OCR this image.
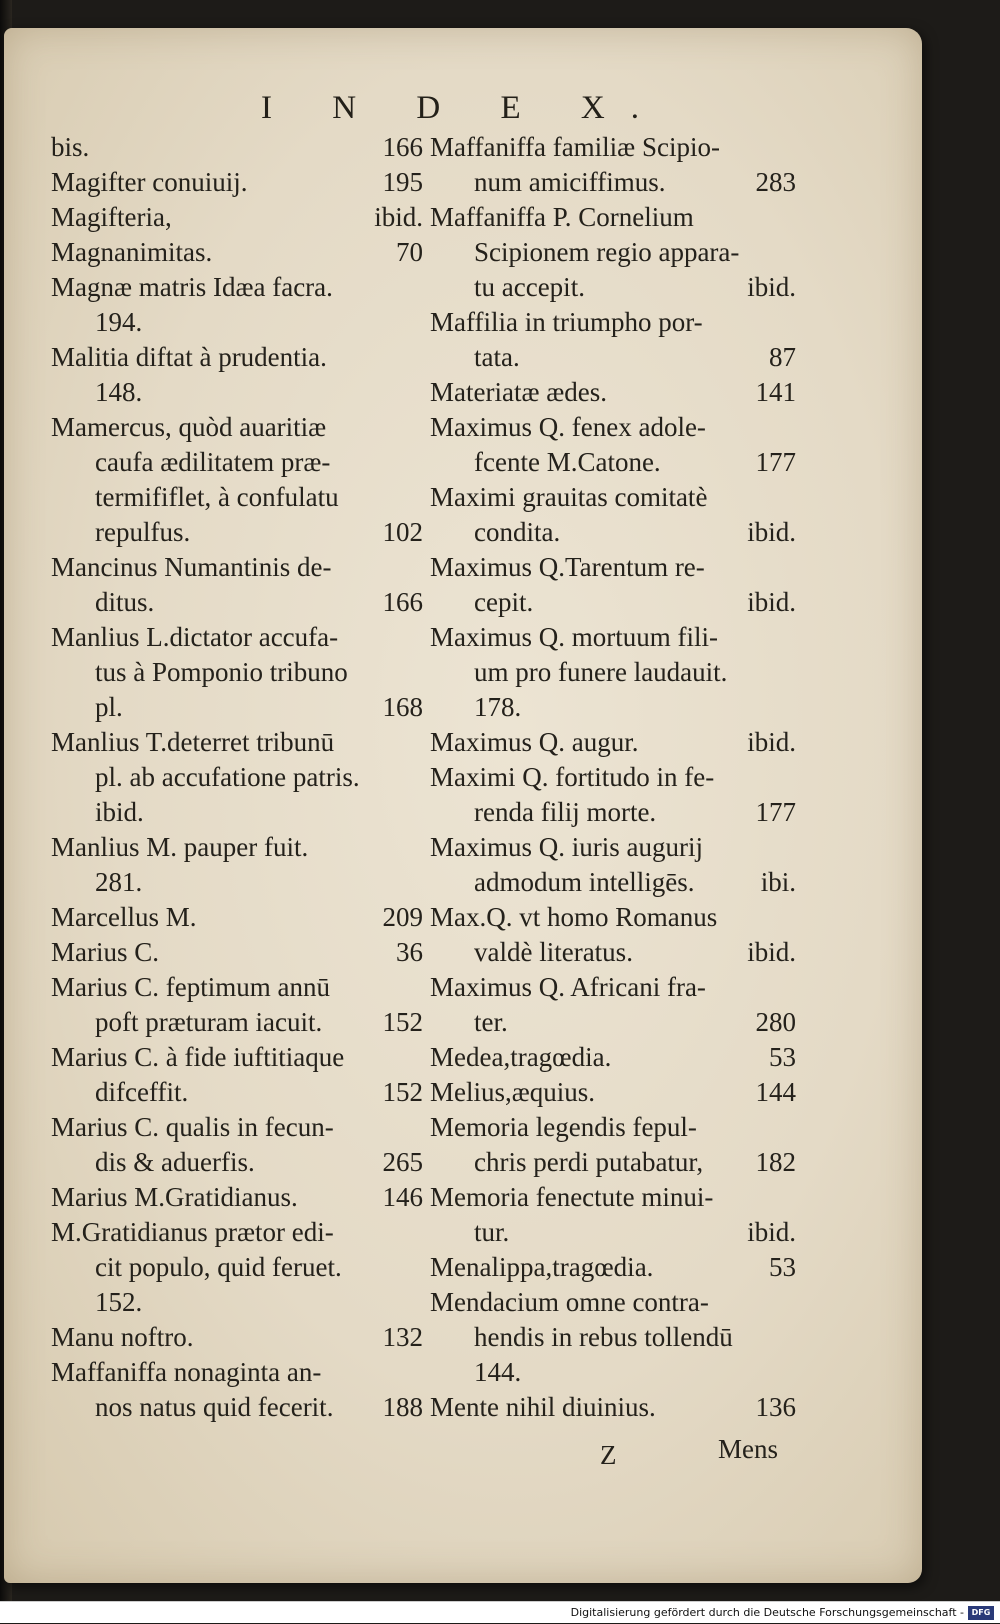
I N D E X.
bis.	166
Magifter conuiuij.	195
Magifteria,	ibid.
Magnanimitas.	70
Magnæ matris Idæa facra.
194.
Malitia diftat à prudentia.
148.
Mamercus, quòd auaritiæ
caufa ædilitatem præ-
termififlet, à confulatu
repulfus.	102
Mancinus Numantinis de-
ditus.	166
Manlius L.dictator accufa-
tus à Pomponio tribuno
pl.	168
Manlius T.deterret tribunū
pl. ab accufatione patris.
ibid.
Manlius M. pauper fuit.
281.
Marcellus M.	209
Marius C.	36
Marius C. feptimum annū
poft præturam iacuit. 152
Marius C. à fide iuftitiaque
difceffit.	152
Marius C. qualis in fecun-
dis & aduerfis.	265
Marius M.Gratidianus.	146
M.Gratidianus prætor edi-
cit populo, quid feruet.
152.
Manu noftro.	132
Maffaniffa nonaginta an-
nos natus quid fecerit. 188
Maffaniffa familiæ Scipio-
num amiciffimus.	283
Maffaniffa P. Cornelium
Scipionem regio appara-
tu accepit.	ibid.
Maffilia in triumpho por-
tata.	87
Materiatæ ædes.	141
Maximus Q. fenex adole-
fcente M.Catone.	177
Maximi grauitas comitatè
condita.	ibid.
Maximus Q.Tarentum re-
cepit.	ibid.
Maximus Q. mortuum fili-
um pro funere laudauit.
178.
Maximus Q. augur.	ibid.
Maximi Q. fortitudo in fe-
renda filij morte.	177
Maximus Q. iuris augurij
admodum intelligēs. ibi.
Max.Q. vt homo Romanus
valdè literatus.	ibid.
Maximus Q. Africani fra-
ter.	280
Medea,tragœdia.	53
Melius,æquius.	144
Memoria legendis fepul-
chris perdi putabatur, 182
Memoria fenectute minui-
tur.	ibid.
Menalippa,tragœdia.	53
Mendacium omne contra-
hendis in rebus tollendū
144.
Mente nihil diuinius.	136
Z	Mens
Digitalisierung gefördert durch die Deutsche Forschungsgemeinschaft - DFG
